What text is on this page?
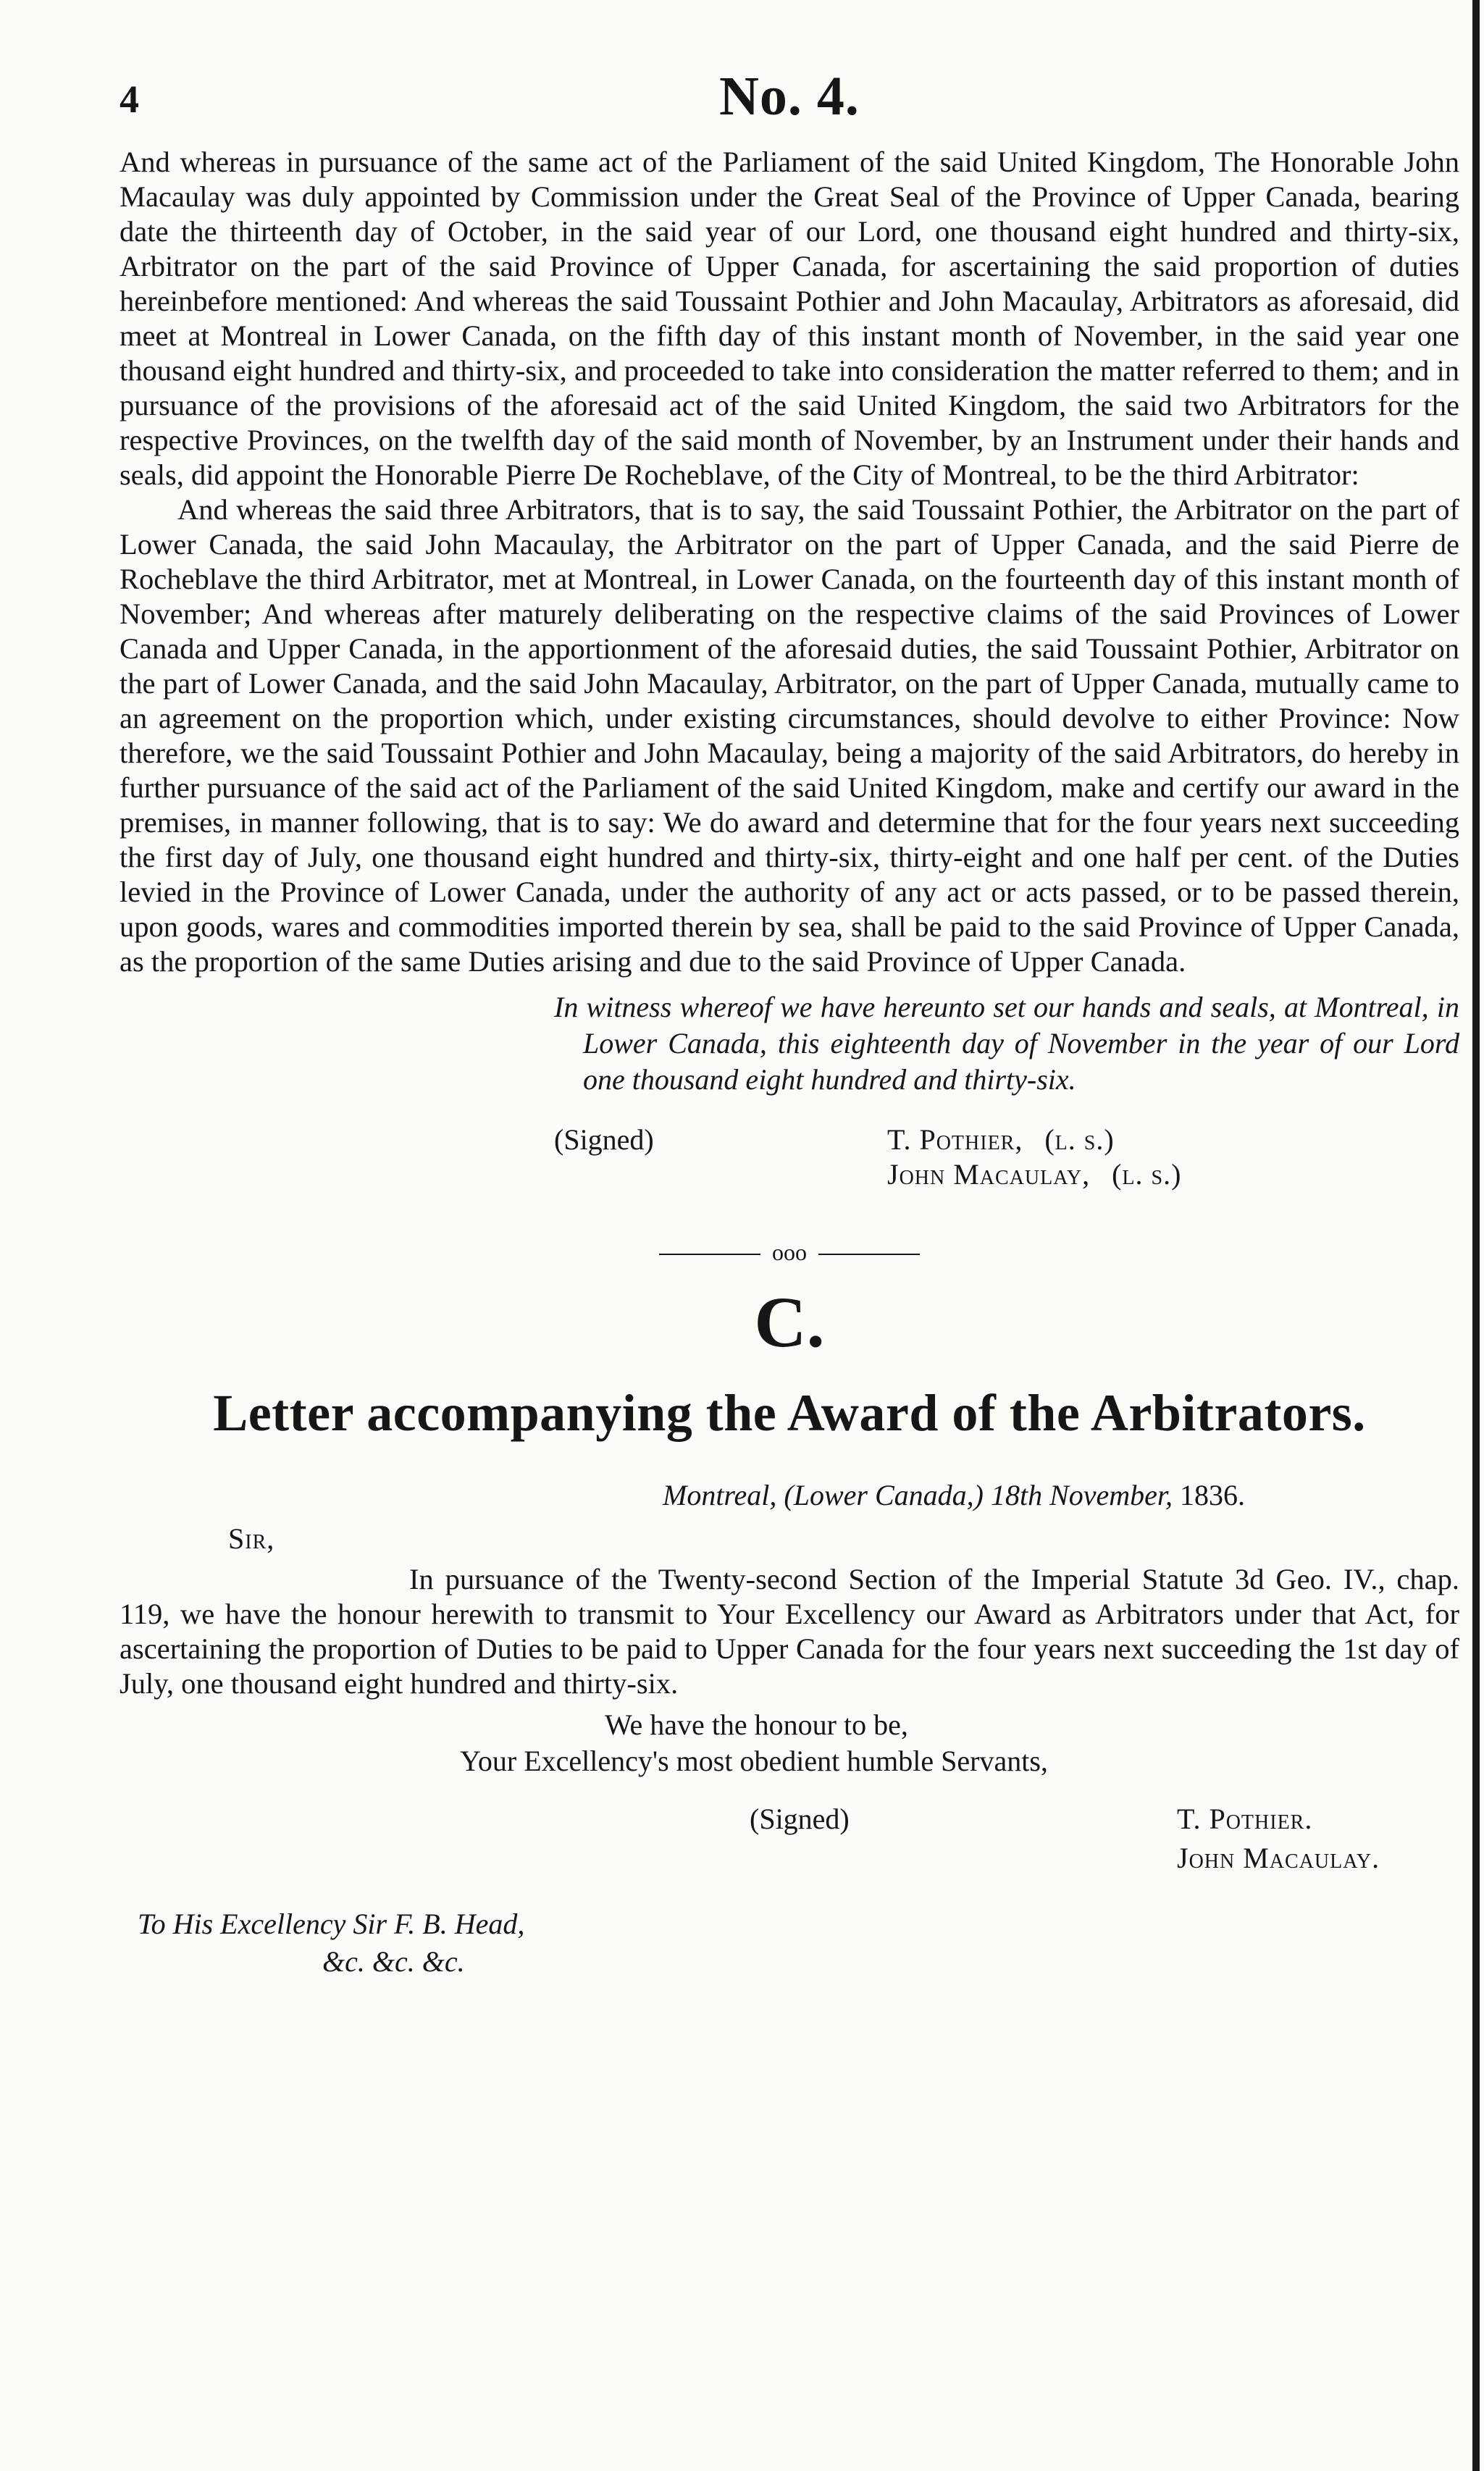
4	No. 4.

And whereas in pursuance of the same act of the Parliament of the said United Kingdom, The Honorable John Macaulay was duly appointed by Commission under the Great Seal of the Province of Upper Canada, bearing date the thirteenth day of October, in the said year of our Lord, one thousand eight hundred and thirty-six, Arbitrator on the part of the said Province of Upper Canada, for ascertaining the said proportion of duties hereinbefore mentioned: And whereas the said Toussaint Pothier and John Macaulay, Arbitrators as aforesaid, did meet at Montreal in Lower Canada, on the fifth day of this instant month of November, in the said year one thousand eight hundred and thirty-six, and proceeded to take into consideration the matter referred to them; and in pursuance of the provisions of the aforesaid act of the said United Kingdom, the said two Arbitrators for the respective Provinces, on the twelfth day of the said month of November, by an Instrument under their hands and seals, did appoint the Honorable Pierre De Rocheblave, of the City of Montreal, to be the third Arbitrator:

And whereas the said three Arbitrators, that is to say, the said Toussaint Pothier, the Arbitrator on the part of Lower Canada, the said John Macaulay, the Arbitrator on the part of Upper Canada, and the said Pierre de Rocheblave the third Arbitrator, met at Montreal, in Lower Canada, on the fourteenth day of this instant month of November; And whereas after maturely deliberating on the respective claims of the said Provinces of Lower Canada and Upper Canada, in the apportionment of the aforesaid duties, the said Toussaint Pothier, Arbitrator on the part of Lower Canada, and the said John Macaulay, Arbitrator, on the part of Upper Canada, mutually came to an agreement on the proportion which, under existing circumstances, should devolve to either Province: Now therefore, we the said Toussaint Pothier and John Macaulay, being a majority of the said Arbitrators, do hereby in further pursuance of the said act of the Parliament of the said United Kingdom, make and certify our award in the premises, in manner following, that is to say: We do award and determine that for the four years next succeeding the first day of July, one thousand eight hundred and thirty-six, thirty-eight and one half per cent. of the Duties levied in the Province of Lower Canada, under the authority of any act or acts passed, or to be passed therein, upon goods, wares and commodities imported therein by sea, shall be paid to the said Province of Upper Canada, as the proportion of the same Duties arising and due to the said Province of Upper Canada.

In witness whereof we have hereunto set our hands and seals, at Montreal, in Lower Canada, this eighteenth day of November in the year of our Lord one thousand eight hundred and thirty-six.
(Signed)	T. Pothier, (l. s.)
John Macaulay, (l. s.)
ooo
C.
Letter accompanying the Award of the Arbitrators.
Montreal, (Lower Canada,) 18th November, 1836.
Sir,

In pursuance of the Twenty-second Section of the Imperial Statute 3d Geo. IV., chap. 119, we have the honour herewith to transmit to Your Excellency our Award as Arbitrators under that Act, for ascertaining the proportion of Duties to be paid to Upper Canada for the four years next succeeding the 1st day of July, one thousand eight hundred and thirty-six.

We have the honour to be,
Your Excellency's most obedient humble Servants,
(Signed)	T. Pothier.
John Macaulay.
To His Excellency Sir F. B. Head,
&c. &c. &c.
